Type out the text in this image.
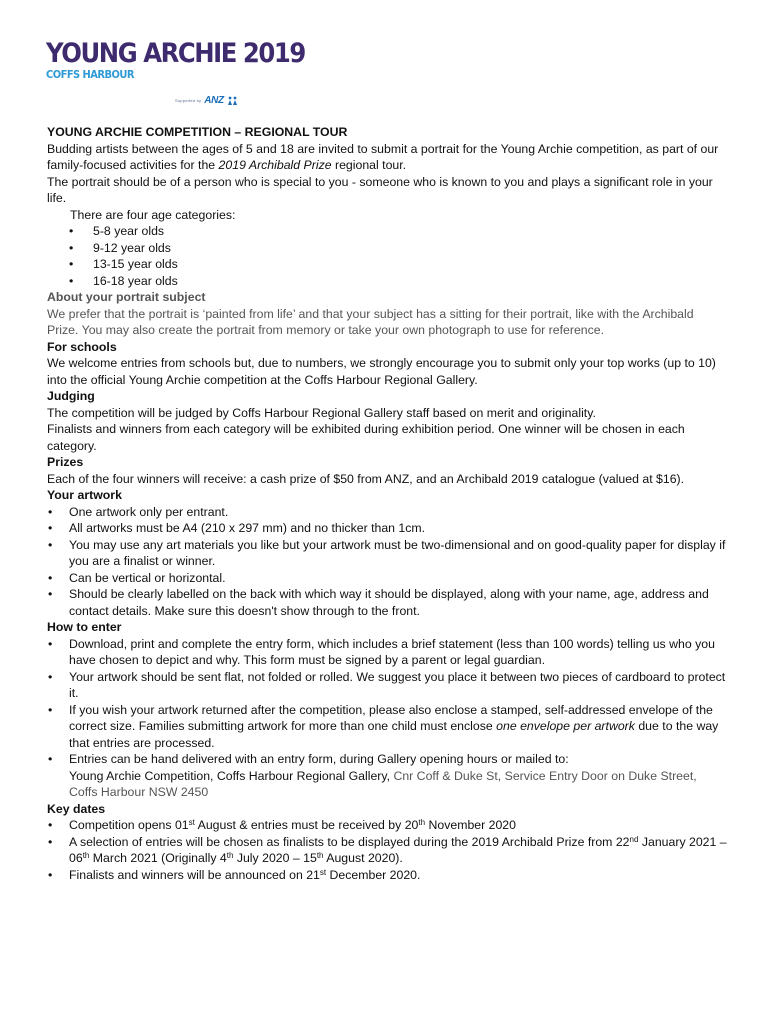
YOUNG ARCHIE 2019
COFFS HARBOUR
Supported by ANZ

YOUNG ARCHIE COMPETITION – REGIONAL TOUR

Budding artists between the ages of 5 and 18 are invited to submit a portrait for the Young Archie competition, as part of our family-focused activities for the 2019 Archibald Prize regional tour.

The portrait should be of a person who is special to you - someone who is known to you and plays a significant role in your life.

There are four age categories:

• 5-8 year olds
• 9-12 year olds
• 13-15 year olds
• 16-18 year olds

About your portrait subject

We prefer that the portrait is ‘painted from life’ and that your subject has a sitting for their portrait, like with the Archibald Prize. You may also create the portrait from memory or take your own photograph to use for reference.

For schools

We welcome entries from schools but, due to numbers, we strongly encourage you to submit only your top works (up to 10) into the official Young Archie competition at the Coffs Harbour Regional Gallery.

Judging

The competition will be judged by Coffs Harbour Regional Gallery staff based on merit and originality.

Finalists and winners from each category will be exhibited during exhibition period. One winner will be chosen in each category.

Prizes

Each of the four winners will receive: a cash prize of $50 from ANZ, and an Archibald 2019 catalogue (valued at $16).

Your artwork

• One artwork only per entrant.
• All artworks must be A4 (210 x 297 mm) and no thicker than 1cm.
• You may use any art materials you like but your artwork must be two-dimensional and on good-quality paper for display if you are a finalist or winner.
• Can be vertical or horizontal.
• Should be clearly labelled on the back with which way it should be displayed, along with your name, age, address and contact details. Make sure this doesn't show through to the front.

How to enter

• Download, print and complete the entry form, which includes a brief statement (less than 100 words) telling us who you have chosen to depict and why. This form must be signed by a parent or legal guardian.
• Your artwork should be sent flat, not folded or rolled. We suggest you place it between two pieces of cardboard to protect it.
• If you wish your artwork returned after the competition, please also enclose a stamped, self-addressed envelope of the correct size. Families submitting artwork for more than one child must enclose one envelope per artwork due to the way that entries are processed.
• Entries can be hand delivered with an entry form, during Gallery opening hours or mailed to:
Young Archie Competition, Coffs Harbour Regional Gallery, Cnr Coff & Duke St, Service Entry Door on Duke Street, Coffs Harbour NSW 2450

Key dates

• Competition opens 01st August & entries must be received by 20th November 2020
• A selection of entries will be chosen as finalists to be displayed during the 2019 Archibald Prize from 22nd January 2021 – 06th March 2021 (Originally 4th July 2020 – 15th August 2020).
• Finalists and winners will be announced on 21st December 2020.
